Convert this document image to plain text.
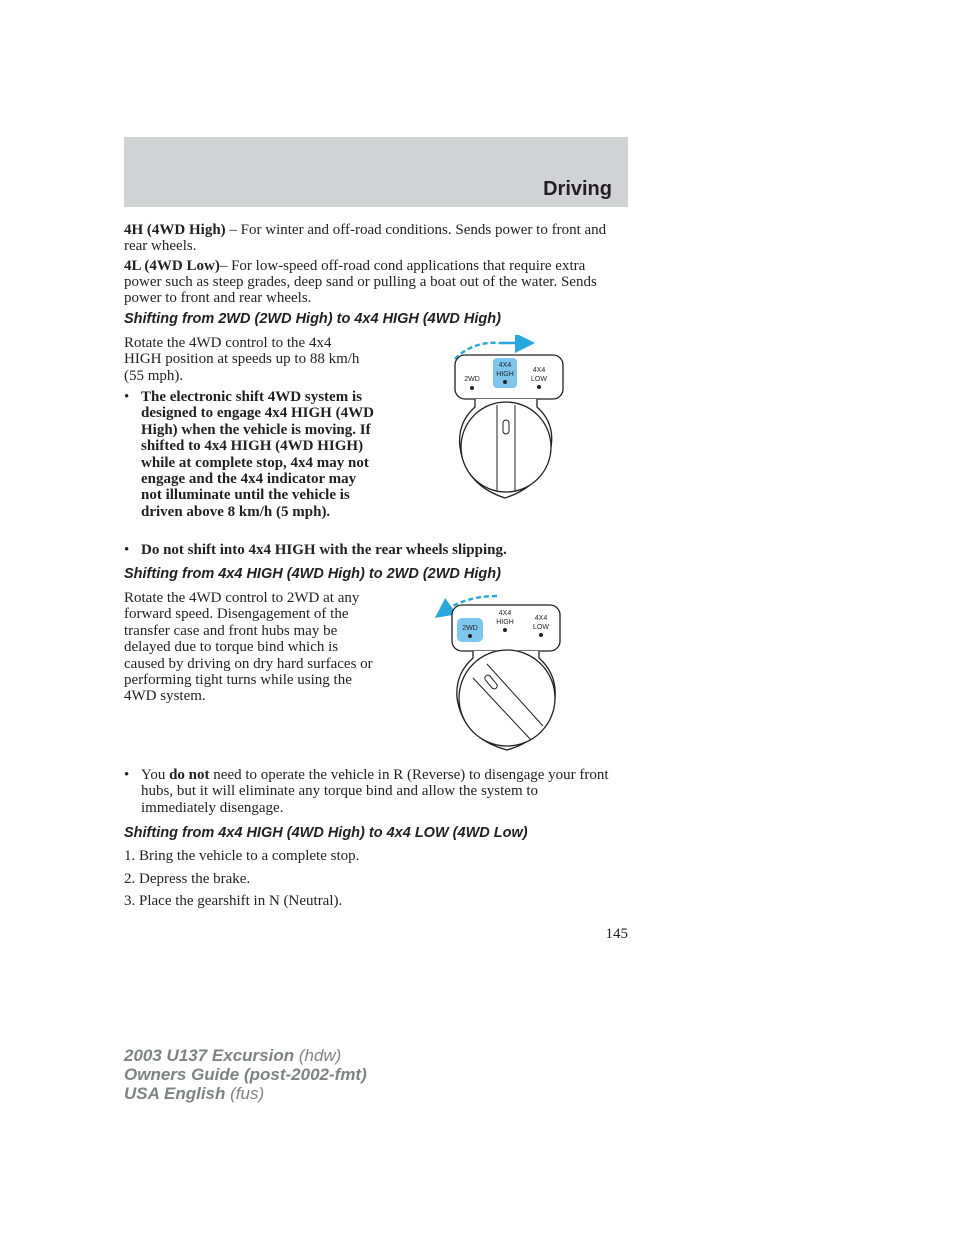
Driving

4H (4WD High) – For winter and off-road conditions. Sends power to front and rear wheels.

4L (4WD Low)– For low-speed off-road cond applications that require extra power such as steep grades, deep sand or pulling a boat out of the water. Sends power to front and rear wheels.

Shifting from 2WD (2WD High) to 4x4 HIGH (4WD High)

Rotate the 4WD control to the 4x4 HIGH position at speeds up to 88 km/h (55 mph).

• The electronic shift 4WD system is designed to engage 4x4 HIGH (4WD High) when the vehicle is moving. If shifted to 4x4 HIGH (4WD HIGH) while at complete stop, 4x4 may not engage and the 4x4 indicator may not illuminate until the vehicle is driven above 8 km/h (5 mph).
• Do not shift into 4x4 HIGH with the rear wheels slipping.
2WD
4X4
HIGH
4X4
LOW
Shifting from 4x4 HIGH (4WD High) to 2WD (2WD High)

Rotate the 4WD control to 2WD at any forward speed. Disengagement of the transfer case and front hubs may be delayed due to torque bind which is caused by driving on dry hard surfaces or performing tight turns while using the 4WD system.

2WD
4X4
HIGH
4X4
LOW
• You do not need to operate the vehicle in R (Reverse) to disengage your front hubs, but it will eliminate any torque bind and allow the system to immediately disengage.
Shifting from 4x4 HIGH (4WD High) to 4x4 LOW (4WD Low)

1. Bring the vehicle to a complete stop.

2. Depress the brake.

3. Place the gearshift in N (Neutral).

145
2003 U137 Excursion (hdw)
Owners Guide (post-2002-fmt)
USA English (fus)
